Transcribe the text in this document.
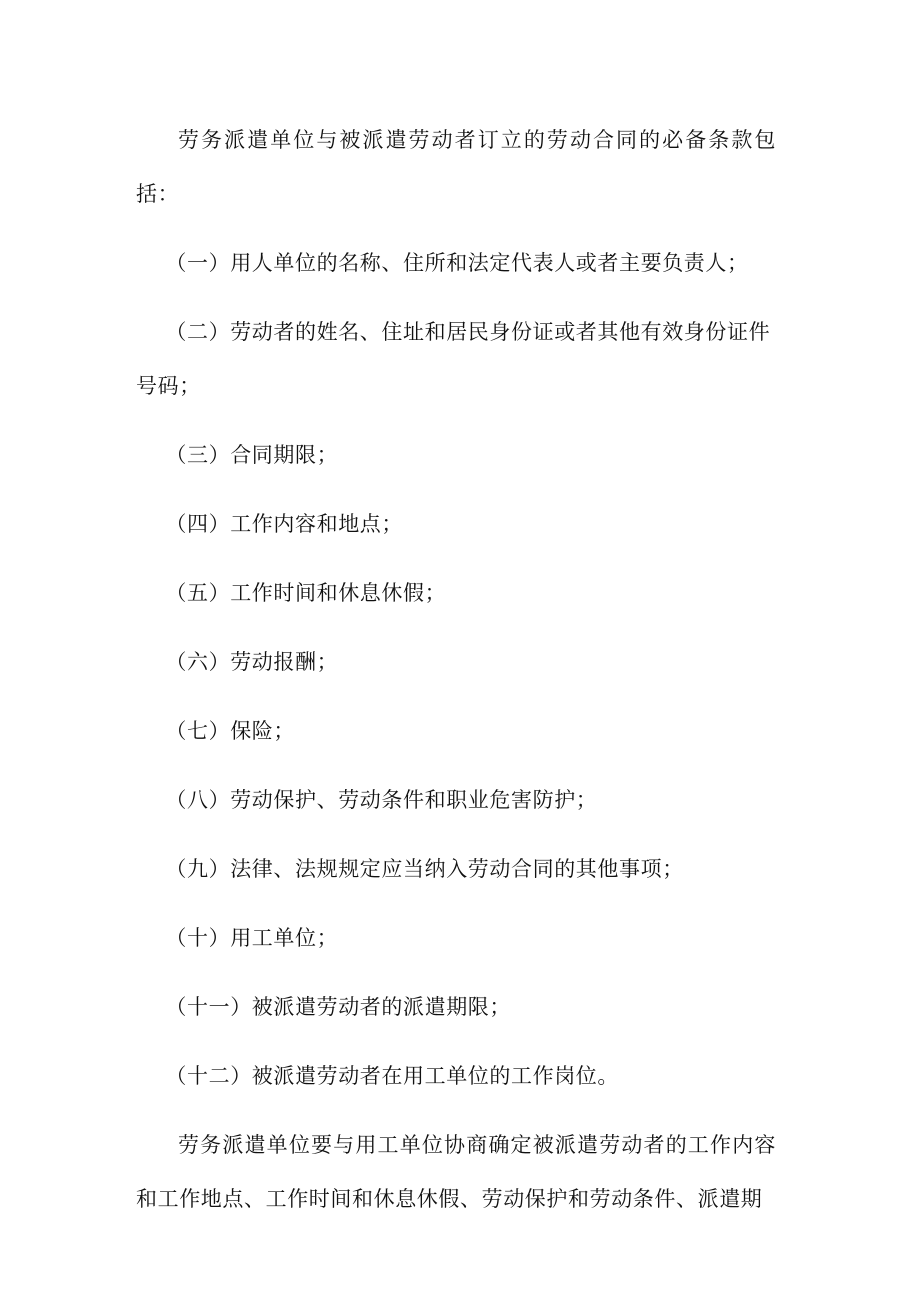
劳务派遣单位与被派遣劳动者订立的劳动合同的必备条款包括：

（一）用人单位的名称、住所和法定代表人或者主要负责人；

（二）劳动者的姓名、住址和居民身份证或者其他有效身份证件号码；

（三）合同期限；

（四）工作内容和地点；

（五）工作时间和休息休假；

（六）劳动报酬；

（七）保险；

（八）劳动保护、劳动条件和职业危害防护；

（九）法律、法规规定应当纳入劳动合同的其他事项；

（十）用工单位；

（十一）被派遣劳动者的派遣期限；

（十二）被派遣劳动者在用工单位的工作岗位。

劳务派遣单位要与用工单位协商确定被派遣劳动者的工作内容和工作地点、工作时间和休息休假、劳动保护和劳动条件、派遣期
